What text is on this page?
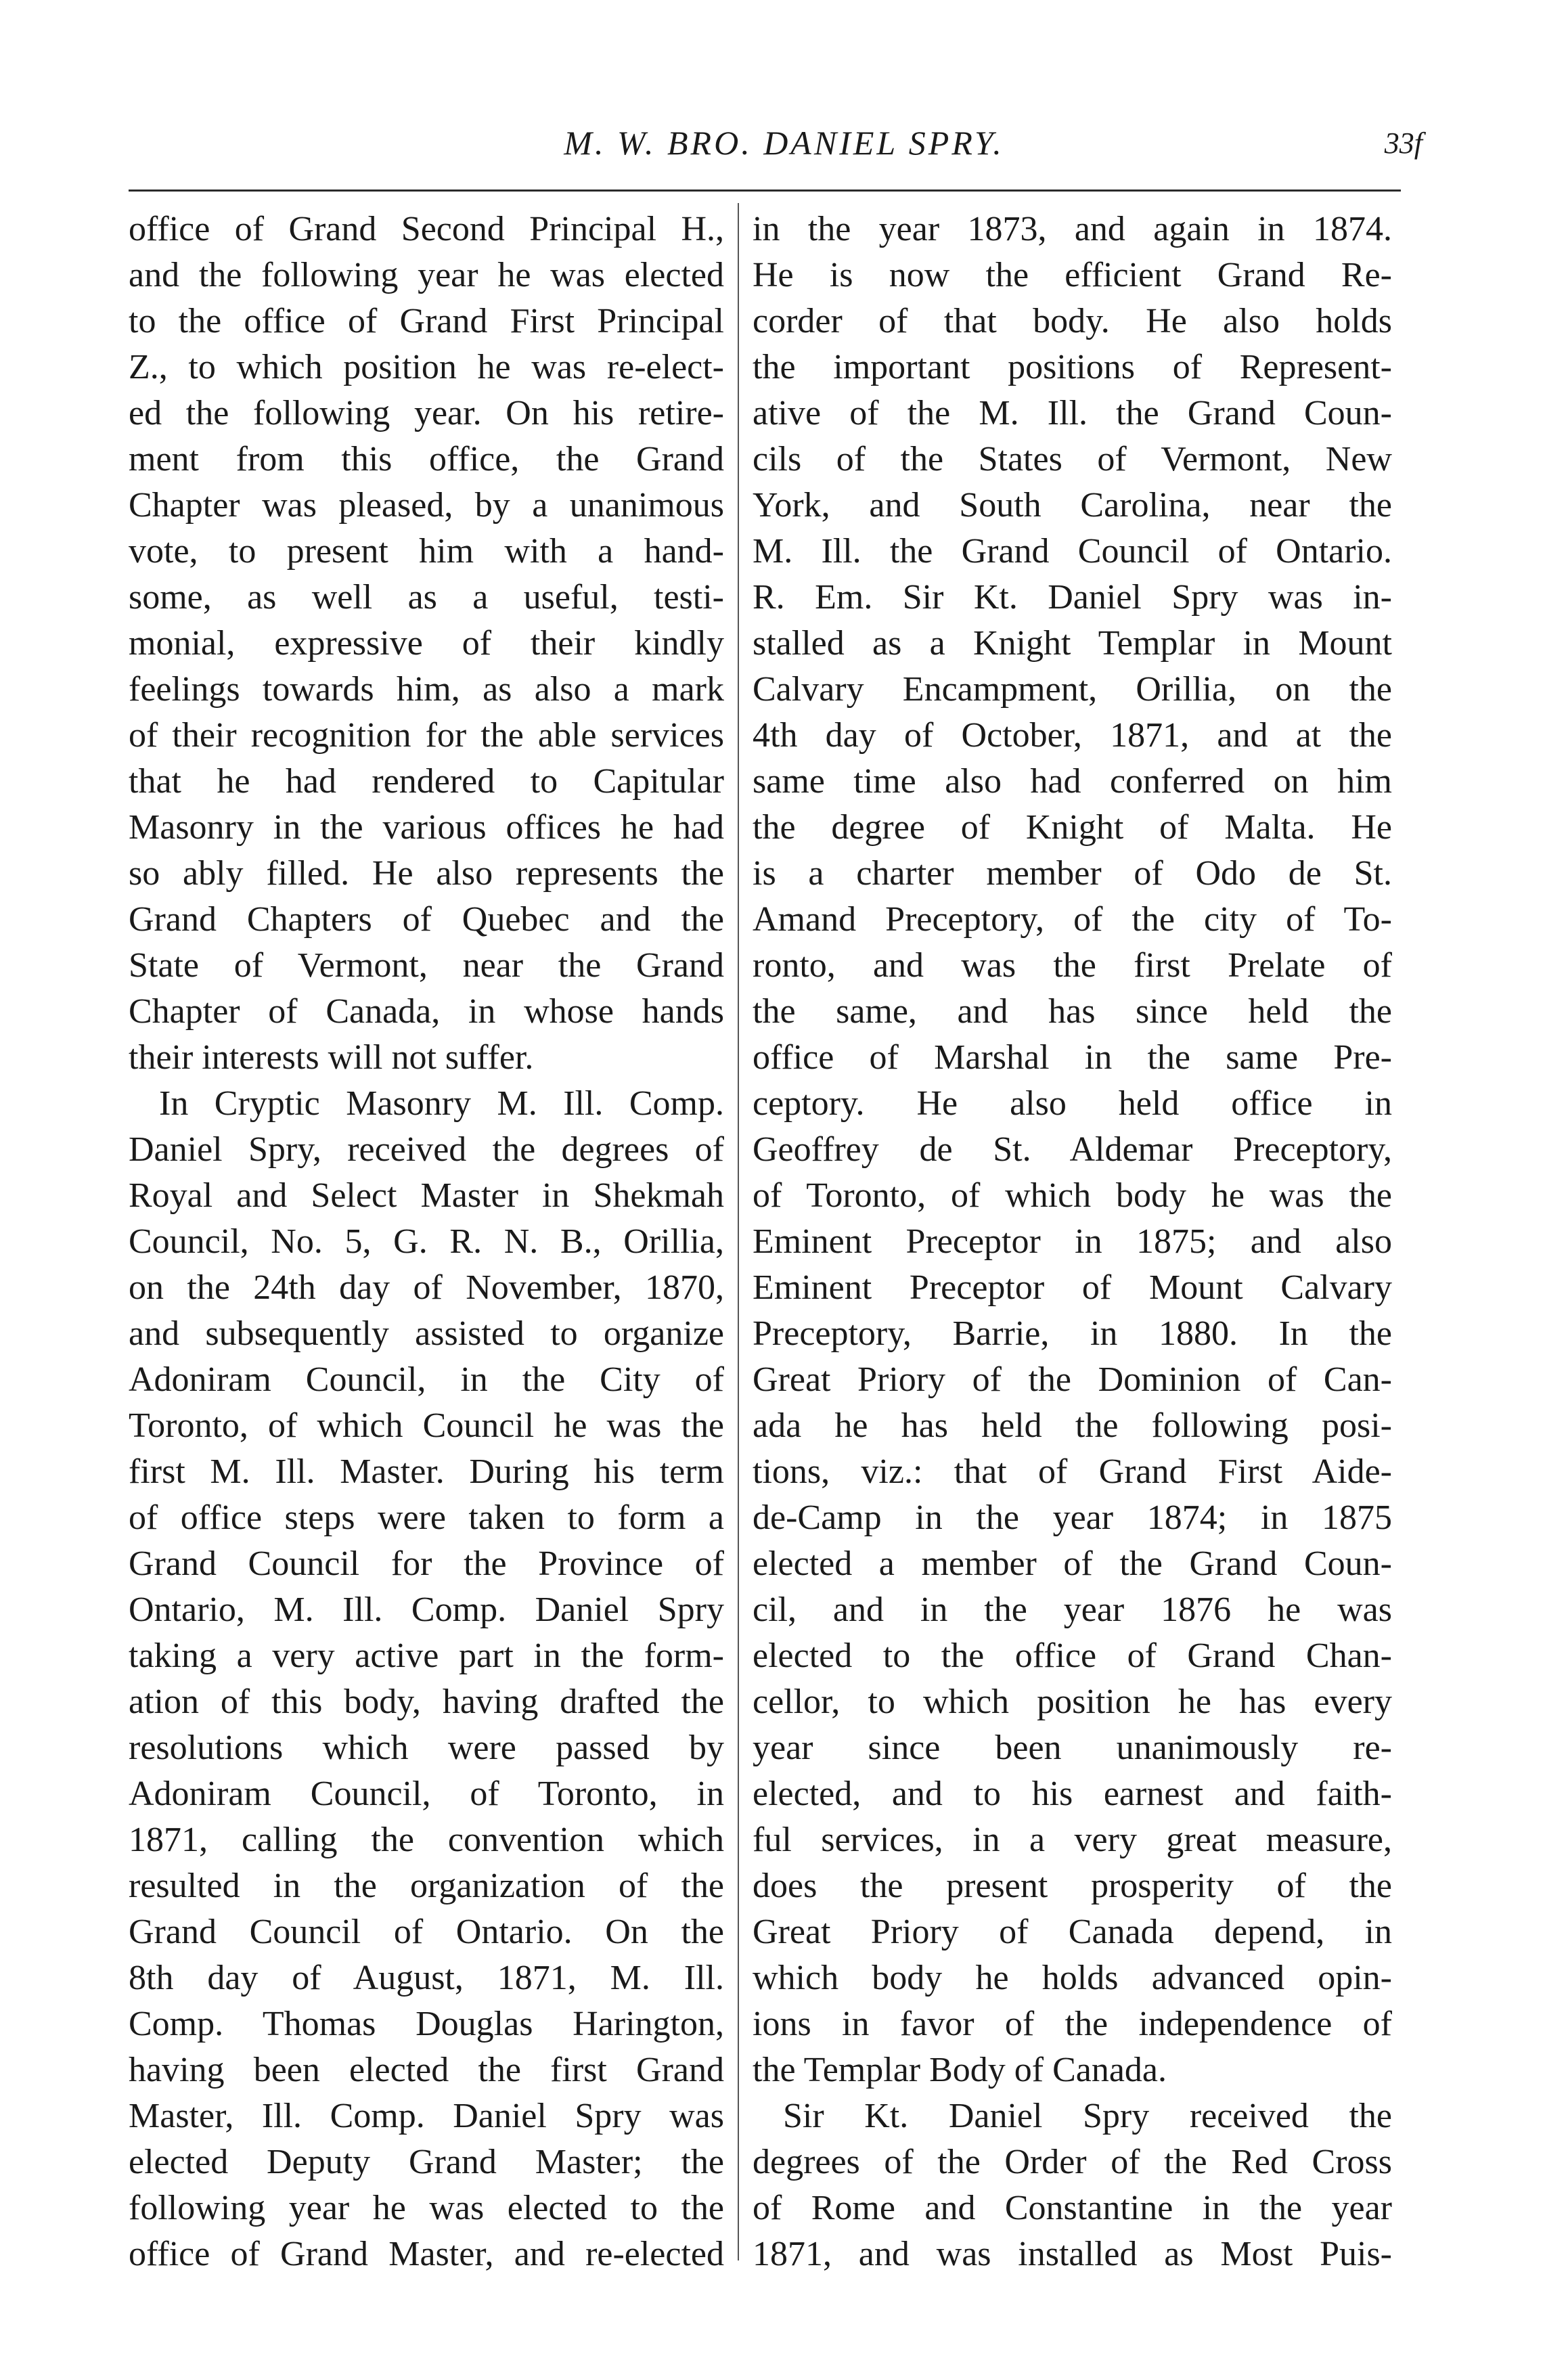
M. W. BRO. DANIEL SPRY.	33f
office of Grand Second Principal H.,
and the following year he was elected
to the office of Grand First Principal
Z., to which position he was re-elect-
ed the following year. On his retire-
ment from this office, the Grand
Chapter was pleased, by a unanimous
vote, to present him with a hand-
some, as well as a useful, testi-
monial, expressive of their kindly
feelings towards him, as also a mark
of their recognition for the able services
that he had rendered to Capitular
Masonry in the various offices he had
so ably filled. He also represents the
Grand Chapters of Quebec and the
State of Vermont, near the Grand
Chapter of Canada, in whose hands
their interests will not suffer.
In Cryptic Masonry M. Ill. Comp.
Daniel Spry, received the degrees of
Royal and Select Master in Shekmah
Council, No. 5, G. R. N. B., Orillia,
on the 24th day of November, 1870,
and subsequently assisted to organize
Adoniram Council, in the City of
Toronto, of which Council he was the
first M. Ill. Master. During his term
of office steps were taken to form a
Grand Council for the Province of
Ontario, M. Ill. Comp. Daniel Spry
taking a very active part in the form-
ation of this body, having drafted the
resolutions which were passed by
Adoniram Council, of Toronto, in
1871, calling the convention which
resulted in the organization of the
Grand Council of Ontario. On the
8th day of August, 1871, M. Ill.
Comp. Thomas Douglas Harington,
having been elected the first Grand
Master, Ill. Comp. Daniel Spry was
elected Deputy Grand Master; the
following year he was elected to the
office of Grand Master, and re-elected
in the year 1873, and again in 1874.
He is now the efficient Grand Re-
corder of that body. He also holds
the important positions of Represent-
ative of the M. Ill. the Grand Coun-
cils of the States of Vermont, New
York, and South Carolina, near the
M. Ill. the Grand Council of Ontario.
R. Em. Sir Kt. Daniel Spry was in-
stalled as a Knight Templar in Mount
Calvary Encampment, Orillia, on the
4th day of October, 1871, and at the
same time also had conferred on him
the degree of Knight of Malta. He
is a charter member of Odo de St.
Amand Preceptory, of the city of To-
ronto, and was the first Prelate of
the same, and has since held the
office of Marshal in the same Pre-
ceptory. He also held office in
Geoffrey de St. Aldemar Preceptory,
of Toronto, of which body he was the
Eminent Preceptor in 1875; and also
Eminent Preceptor of Mount Calvary
Preceptory, Barrie, in 1880. In the
Great Priory of the Dominion of Can-
ada he has held the following posi-
tions, viz.: that of Grand First Aide-
de-Camp in the year 1874; in 1875
elected a member of the Grand Coun-
cil, and in the year 1876 he was
elected to the office of Grand Chan-
cellor, to which position he has every
year since been unanimously re-
elected, and to his earnest and faith-
ful services, in a very great measure,
does the present prosperity of the
Great Priory of Canada depend, in
which body he holds advanced opin-
ions in favor of the independence of
the Templar Body of Canada.
Sir Kt. Daniel Spry received the
degrees of the Order of the Red Cross
of Rome and Constantine in the year
1871, and was installed as Most Puis-
